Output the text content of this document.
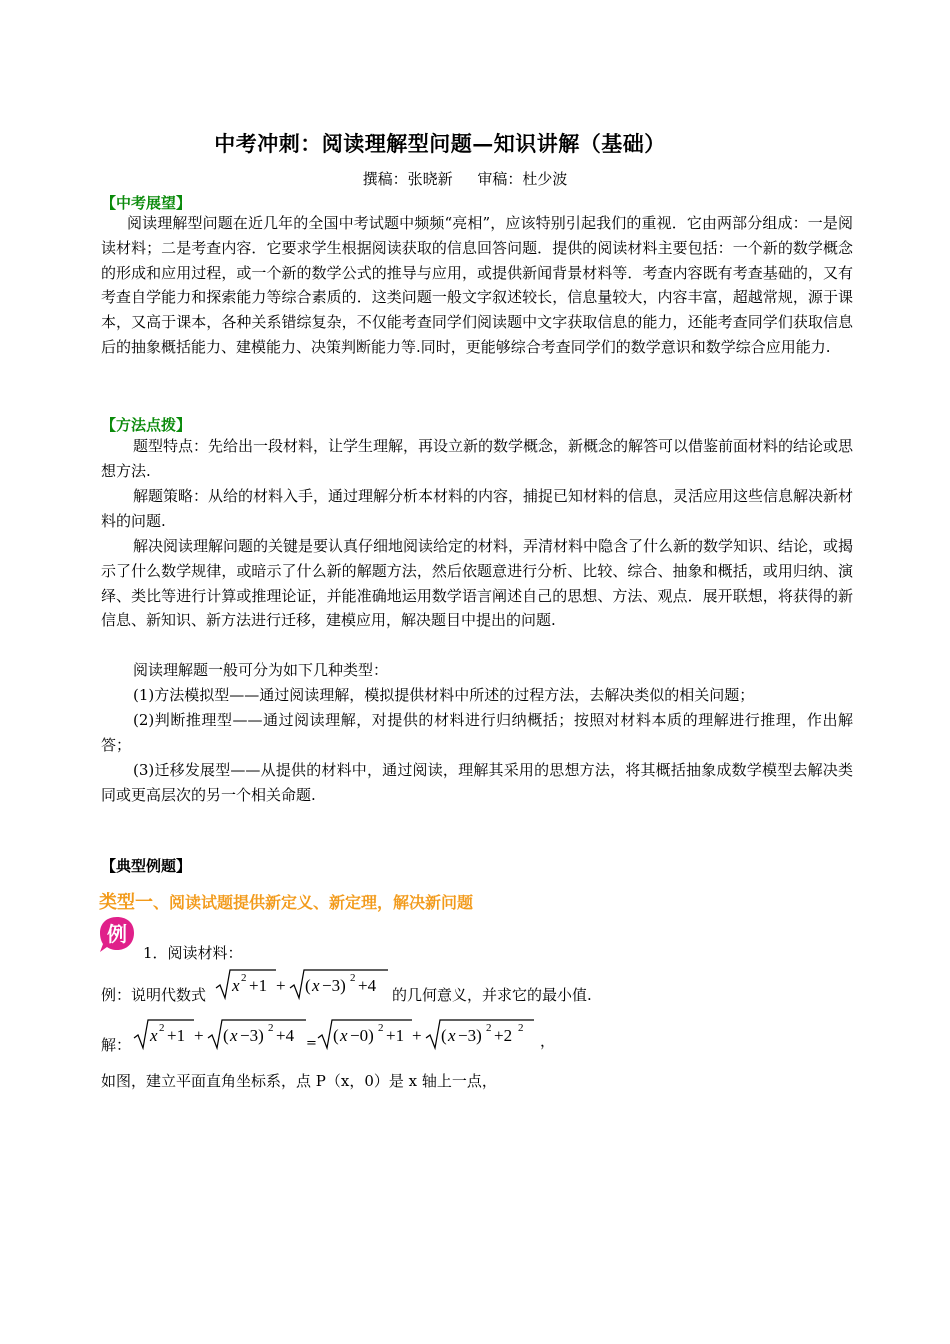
中考冲刺：阅读理解型问题—知识讲解（基础）
撰稿：张晓新 审稿：杜少波
【中考展望】
阅读理解型问题在近几年的全国中考试题中频频“亮相”，应该特别引起我们的重视．它由两部分组成：一是阅读材料；二是考查内容．它要求学生根据阅读获取的信息回答问题．提供的阅读材料主要包括：一个新的数学概念的形成和应用过程，或一个新的数学公式的推导与应用，或提供新闻背景材料等．考查内容既有考查基础的，又有考查自学能力和探索能力等综合素质的．这类问题一般文字叙述较长，信息量较大，内容丰富，超越常规，源于课本，又高于课本，各种关系错综复杂，不仅能考查同学们阅读题中文字获取信息的能力，还能考查同学们获取信息后的抽象概括能力、建模能力、决策判断能力等.同时，更能够综合考查同学们的数学意识和数学综合应用能力.
【方法点拨】
题型特点：先给出一段材料，让学生理解，再设立新的数学概念，新概念的解答可以借鉴前面材料的结论或思想方法.
解题策略：从给的材料入手，通过理解分析本材料的内容，捕捉已知材料的信息，灵活应用这些信息解决新材料的问题.
解决阅读理解问题的关键是要认真仔细地阅读给定的材料，弄清材料中隐含了什么新的数学知识、结论，或揭示了什么数学规律，或暗示了什么新的解题方法，然后依题意进行分析、比较、综合、抽象和概括，或用归纳、演绎、类比等进行计算或推理论证，并能准确地运用数学语言阐述自己的思想、方法、观点．展开联想，将获得的新信息、新知识、新方法进行迁移，建模应用，解决题目中提出的问题.
阅读理解题一般可分为如下几种类型：
(1)方法模拟型——通过阅读理解，模拟提供材料中所述的过程方法，去解决类似的相关问题；
(2)判断推理型——通过阅读理解，对提供的材料进行归纳概括；按照对材料本质的理解进行推理，作出解答；
(3)迁移发展型——从提供的材料中，通过阅读，理解其采用的思想方法，将其概括抽象成数学模型去解决类同或更高层次的另一个相关命题.
【典型例题】
类型一、阅读试题提供新定义、新定理，解决新问题
例
1．阅读材料：
例：说明代数式 x 2 +1 + ( x −3) 2 +4 的几何意义，并求它的最小值.
解： x 2 +1 + ( x −3) 2 +4 = ( x −0) 2 +1 + ( x −3) 2 +2 2
，
如图，建立平面直角坐标系，点 P（x，0）是 x 轴上一点，
